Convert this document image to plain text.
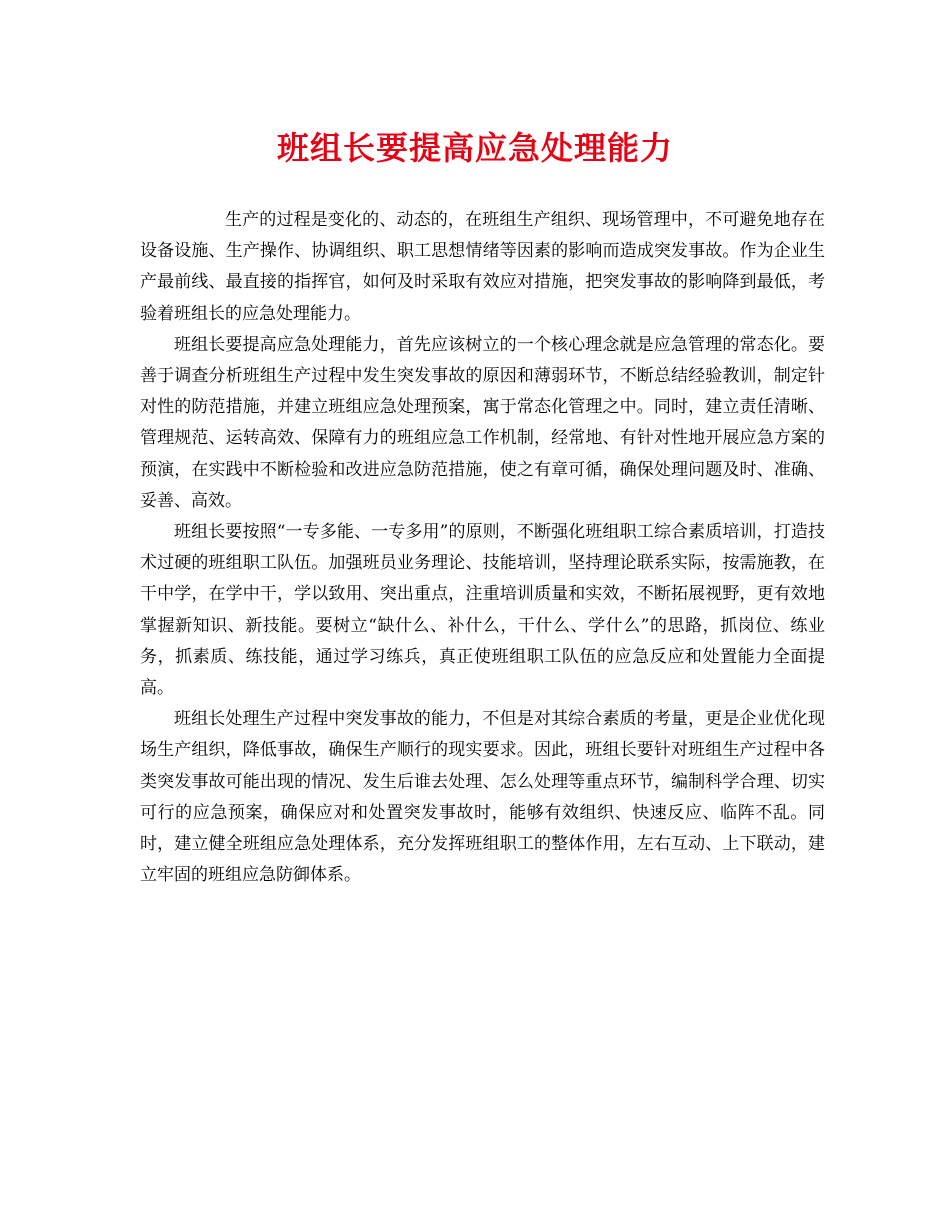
班组长要提高应急处理能力

生产的过程是变化的、动态的，在班组生产组织、现场管理中，不可避免地存在设备设施、生产操作、协调组织、职工思想情绪等因素的影响而造成突发事故。作为企业生产最前线、最直接的指挥官，如何及时采取有效应对措施，把突发事故的影响降到最低，考验着班组长的应急处理能力。

班组长要提高应急处理能力，首先应该树立的一个核心理念就是应急管理的常态化。要善于调查分析班组生产过程中发生突发事故的原因和薄弱环节，不断总结经验教训，制定针对性的防范措施，并建立班组应急处理预案，寓于常态化管理之中。同时，建立责任清晰、管理规范、运转高效、保障有力的班组应急工作机制，经常地、有针对性地开展应急方案的预演，在实践中不断检验和改进应急防范措施，使之有章可循，确保处理问题及时、准确、妥善、高效。

班组长要按照“一专多能、一专多用”的原则，不断强化班组职工综合素质培训，打造技术过硬的班组职工队伍。加强班员业务理论、技能培训，坚持理论联系实际，按需施教，在干中学，在学中干，学以致用、突出重点，注重培训质量和实效，不断拓展视野，更有效地掌握新知识、新技能。要树立“缺什么、补什么，干什么、学什么”的思路，抓岗位、练业务，抓素质、练技能，通过学习练兵，真正使班组职工队伍的应急反应和处置能力全面提高。

班组长处理生产过程中突发事故的能力，不但是对其综合素质的考量，更是企业优化现场生产组织，降低事故，确保生产顺行的现实要求。因此，班组长要针对班组生产过程中各类突发事故可能出现的情况、发生后谁去处理、怎么处理等重点环节，编制科学合理、切实可行的应急预案，确保应对和处置突发事故时，能够有效组织、快速反应、临阵不乱。同时，建立健全班组应急处理体系，充分发挥班组职工的整体作用，左右互动、上下联动，建立牢固的班组应急防御体系。
